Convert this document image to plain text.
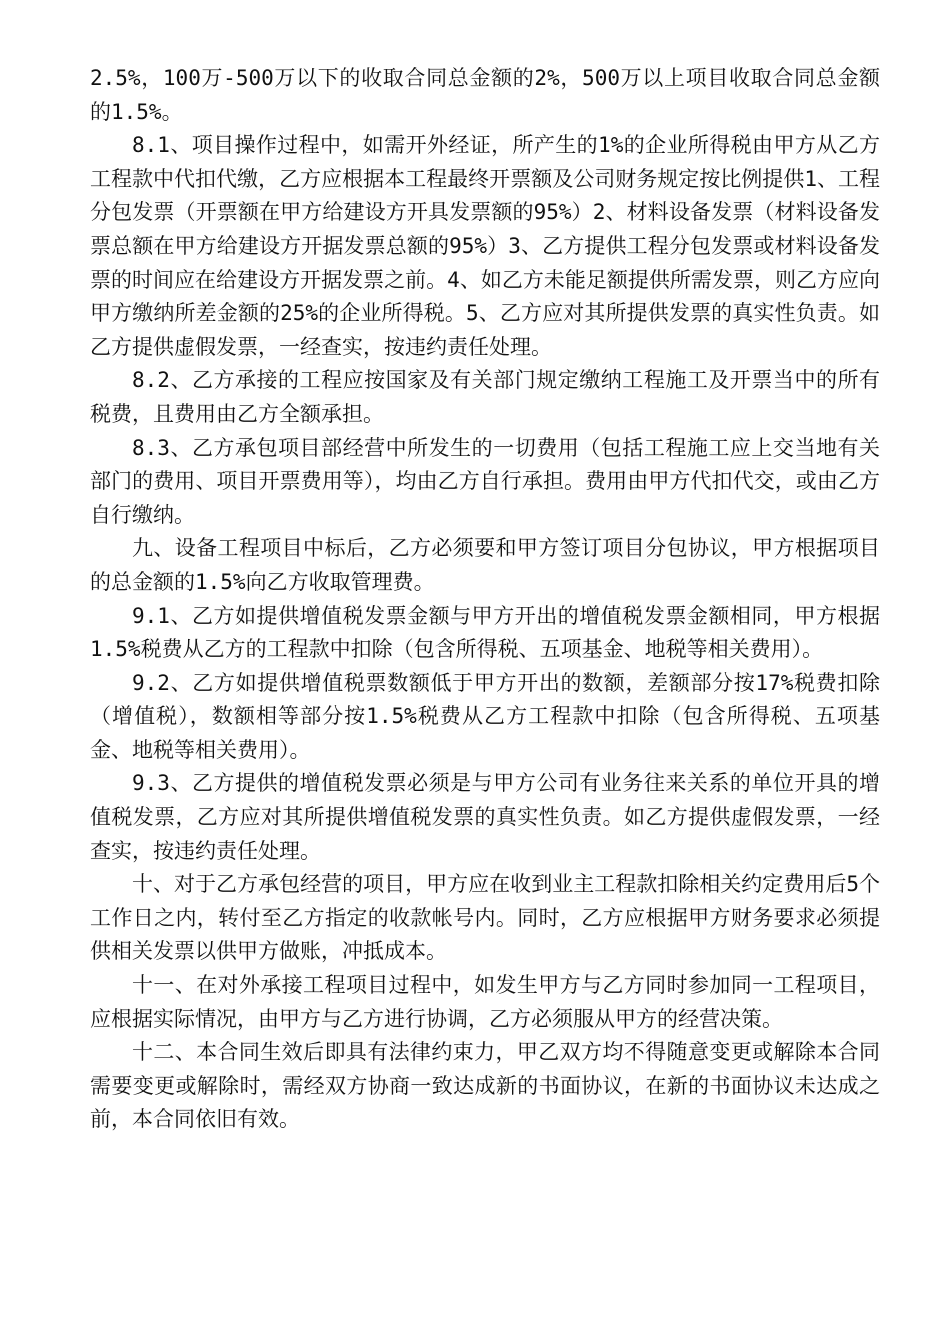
2.5%，100万-500万以下的收取合同总金额的2%，500万以上项目收取合同总金额的1.5%。

8.1、项目操作过程中，如需开外经证，所产生的1%的企业所得税由甲方从乙方工程款中代扣代缴，乙方应根据本工程最终开票额及公司财务规定按比例提供1、工程分包发票（开票额在甲方给建设方开具发票额的95%）2、材料设备发票（材料设备发票总额在甲方给建设方开据发票总额的95%）3、乙方提供工程分包发票或材料设备发票的时间应在给建设方开据发票之前。4、如乙方未能足额提供所需发票，则乙方应向甲方缴纳所差金额的25%的企业所得税。5、乙方应对其所提供发票的真实性负责。如乙方提供虚假发票，一经查实，按违约责任处理。

8.2、乙方承接的工程应按国家及有关部门规定缴纳工程施工及开票当中的所有税费，且费用由乙方全额承担。

8.3、乙方承包项目部经营中所发生的一切费用（包括工程施工应上交当地有关部门的费用、项目开票费用等），均由乙方自行承担。费用由甲方代扣代交，或由乙方自行缴纳。

九、设备工程项目中标后，乙方必须要和甲方签订项目分包协议，甲方根据项目的总金额的1.5%向乙方收取管理费。

9.1、乙方如提供增值税发票金额与甲方开出的增值税发票金额相同，甲方根据1.5%税费从乙方的工程款中扣除（包含所得税、五项基金、地税等相关费用）。

9.2、乙方如提供增值税票数额低于甲方开出的数额，差额部分按17%税费扣除（增值税），数额相等部分按1.5%税费从乙方工程款中扣除（包含所得税、五项基金、地税等相关费用）。

9.3、乙方提供的增值税发票必须是与甲方公司有业务往来关系的单位开具的增值税发票，乙方应对其所提供增值税发票的真实性负责。如乙方提供虚假发票，一经查实，按违约责任处理。

十、对于乙方承包经营的项目，甲方应在收到业主工程款扣除相关约定费用后5个工作日之内，转付至乙方指定的收款帐号内。同时，乙方应根据甲方财务要求必须提供相关发票以供甲方做账，冲抵成本。

十一、在对外承接工程项目过程中，如发生甲方与乙方同时参加同一工程项目，应根据实际情况，由甲方与乙方进行协调，乙方必须服从甲方的经营决策。

十二、本合同生效后即具有法律约束力，甲乙双方均不得随意变更或解除本合同需要变更或解除时，需经双方协商一致达成新的书面协议，在新的书面协议未达成之前，本合同依旧有效。
